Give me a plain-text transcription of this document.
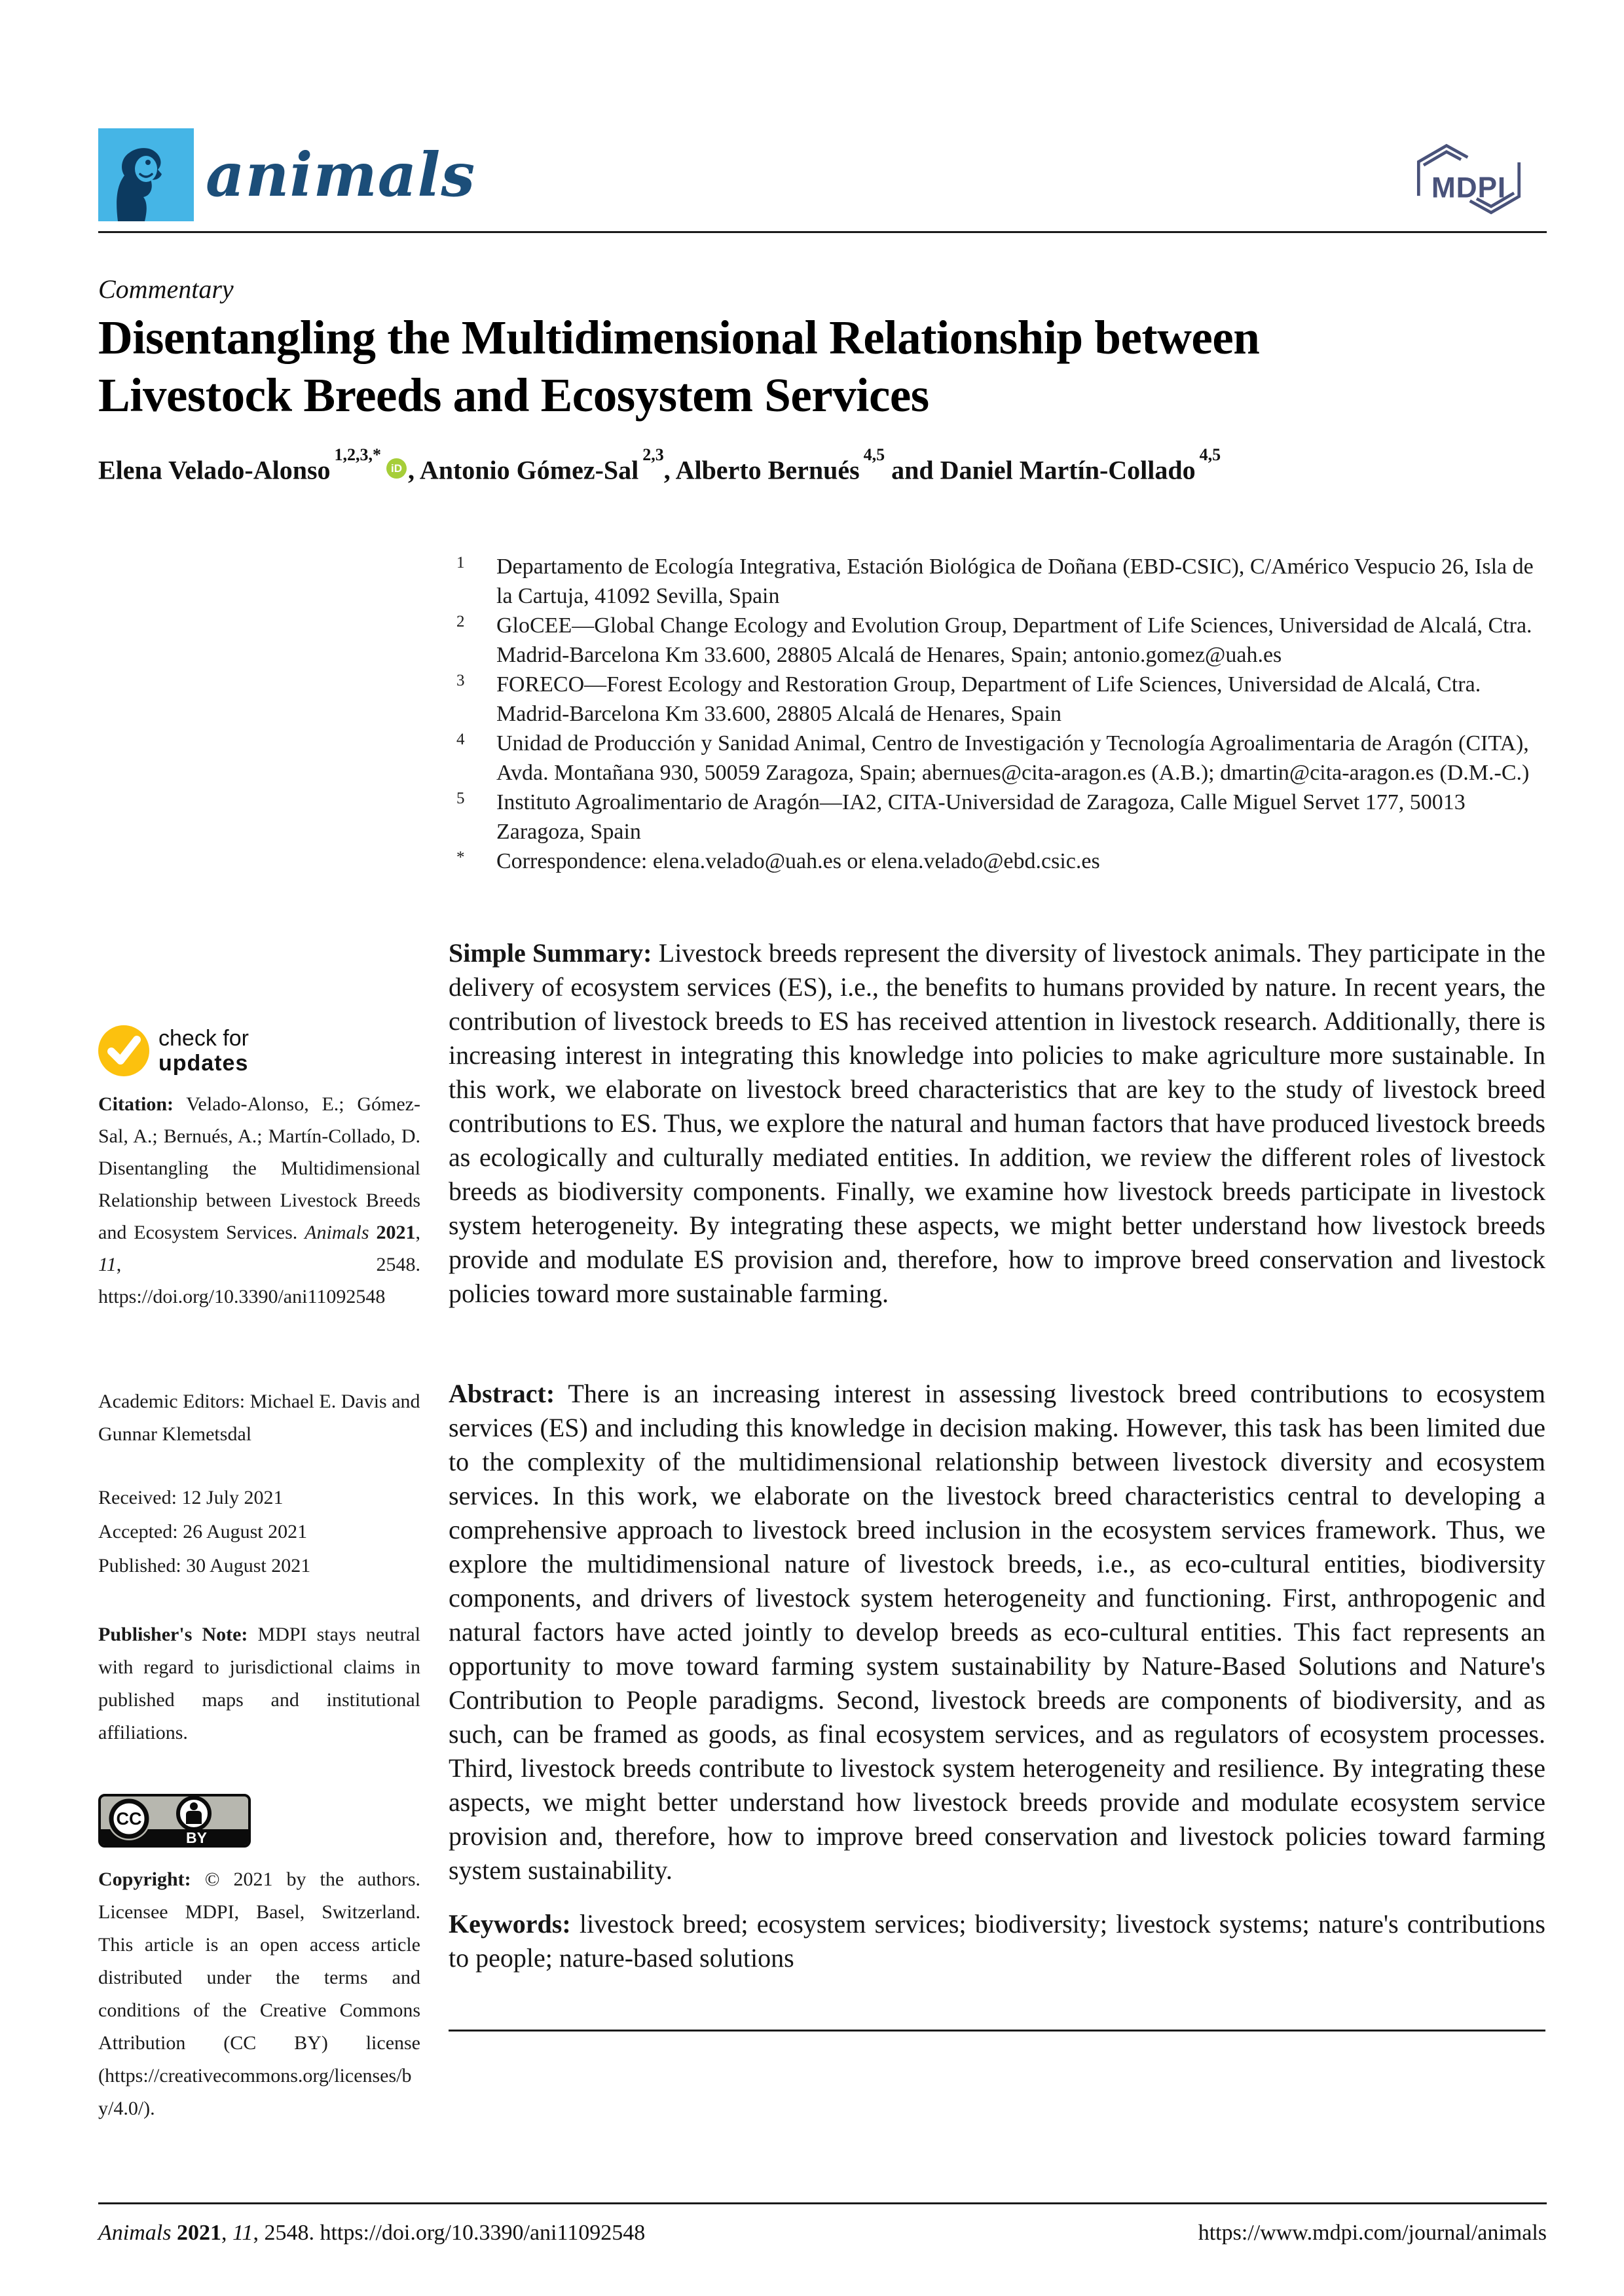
animals	MDPI
Commentary
Disentangling the Multidimensional Relationship between Livestock Breeds and Ecosystem Services
Elena Velado-Alonso$^{1,2,3,*}$iD , Antonio Gómez-Sal$^{2,3}$, Alberto Bernués$^{4,5}$ and Daniel Martín-Collado$^{4,5}$
1	Departamento de Ecología Integrativa, Estación Biológica de Doñana (EBD-CSIC), C/Américo Vespucio 26, Isla de la Cartuja, 41092 Sevilla, Spain
2	GloCEE—Global Change Ecology and Evolution Group, Department of Life Sciences, Universidad de Alcalá, Ctra. Madrid-Barcelona Km 33.600, 28805 Alcalá de Henares, Spain; antonio.gomez@uah.es
3	FORECO—Forest Ecology and Restoration Group, Department of Life Sciences, Universidad de Alcalá, Ctra. Madrid-Barcelona Km 33.600, 28805 Alcalá de Henares, Spain
4	Unidad de Producción y Sanidad Animal, Centro de Investigación y Tecnología Agroalimentaria de Aragón (CITA), Avda. Montañana 930, 50059 Zaragoza, Spain; abernues@cita-aragon.es (A.B.); dmartin@cita-aragon.es (D.M.-C.)
5	Instituto Agroalimentario de Aragón—IA2, CITA-Universidad de Zaragoza, Calle Miguel Servet 177, 50013 Zaragoza, Spain
*	Correspondence: elena.velado@uah.es or elena.velado@ebd.csic.es

Simple Summary: Livestock breeds represent the diversity of livestock animals. They participate in the delivery of ecosystem services (ES), i.e., the benefits to humans provided by nature. In recent years, the contribution of livestock breeds to ES has received attention in livestock research. Additionally, there is increasing interest in integrating this knowledge into policies to make agriculture more sustainable. In this work, we elaborate on livestock breed characteristics that are key to the study of livestock breed contributions to ES. Thus, we explore the natural and human factors that have produced livestock breeds as ecologically and culturally mediated entities. In addition, we review the different roles of livestock breeds as biodiversity components. Finally, we examine how livestock breeds participate in livestock system heterogeneity. By integrating these aspects, we might better understand how livestock breeds provide and modulate ES provision and, therefore, how to improve breed conservation and livestock policies toward more sustainable farming.

Abstract: There is an increasing interest in assessing livestock breed contributions to ecosystem services (ES) and including this knowledge in decision making. However, this task has been limited due to the complexity of the multidimensional relationship between livestock diversity and ecosystem services. In this work, we elaborate on the livestock breed characteristics central to developing a comprehensive approach to livestock breed inclusion in the ecosystem services framework. Thus, we explore the multidimensional nature of livestock breeds, i.e., as eco-cultural entities, biodiversity components, and drivers of livestock system heterogeneity and functioning. First, anthropogenic and natural factors have acted jointly to develop breeds as eco-cultural entities. This fact represents an opportunity to move toward farming system sustainability by Nature-Based Solutions and Nature's Contribution to People paradigms. Second, livestock breeds are components of biodiversity, and as such, can be framed as goods, as final ecosystem services, and as regulators of ecosystem processes. Third, livestock breeds contribute to livestock system heterogeneity and resilience. By integrating these aspects, we might better understand how livestock breeds provide and modulate ecosystem service provision and, therefore, how to improve breed conservation and livestock policies toward farming system sustainability.

Keywords: livestock breed; ecosystem services; biodiversity; livestock systems; nature's contributions to people; nature-based solutions

check for
updates

Citation: Velado-Alonso, E.; Gómez-Sal, A.; Bernués, A.; Martín-Collado, D. Disentangling the Multidimensional Relationship between Livestock Breeds and Ecosystem Services. Animals 2021, 11, 2548. https://doi.org/10.3390/ani11092548

Academic Editors: Michael E. Davis and Gunnar Klemetsdal

Received: 12 July 2021
Accepted: 26 August 2021
Published: 30 August 2021

Publisher's Note: MDPI stays neutral with regard to jurisdictional claims in published maps and institutional affiliations.

CC
BY

Copyright: © 2021 by the authors. Licensee MDPI, Basel, Switzerland. This article is an open access article distributed under the terms and conditions of the Creative Commons Attribution (CC BY) license (https://creativecommons.org/licenses/by/4.0/).

Animals 2021, 11, 2548. https://doi.org/10.3390/ani11092548	https://www.mdpi.com/journal/animals
